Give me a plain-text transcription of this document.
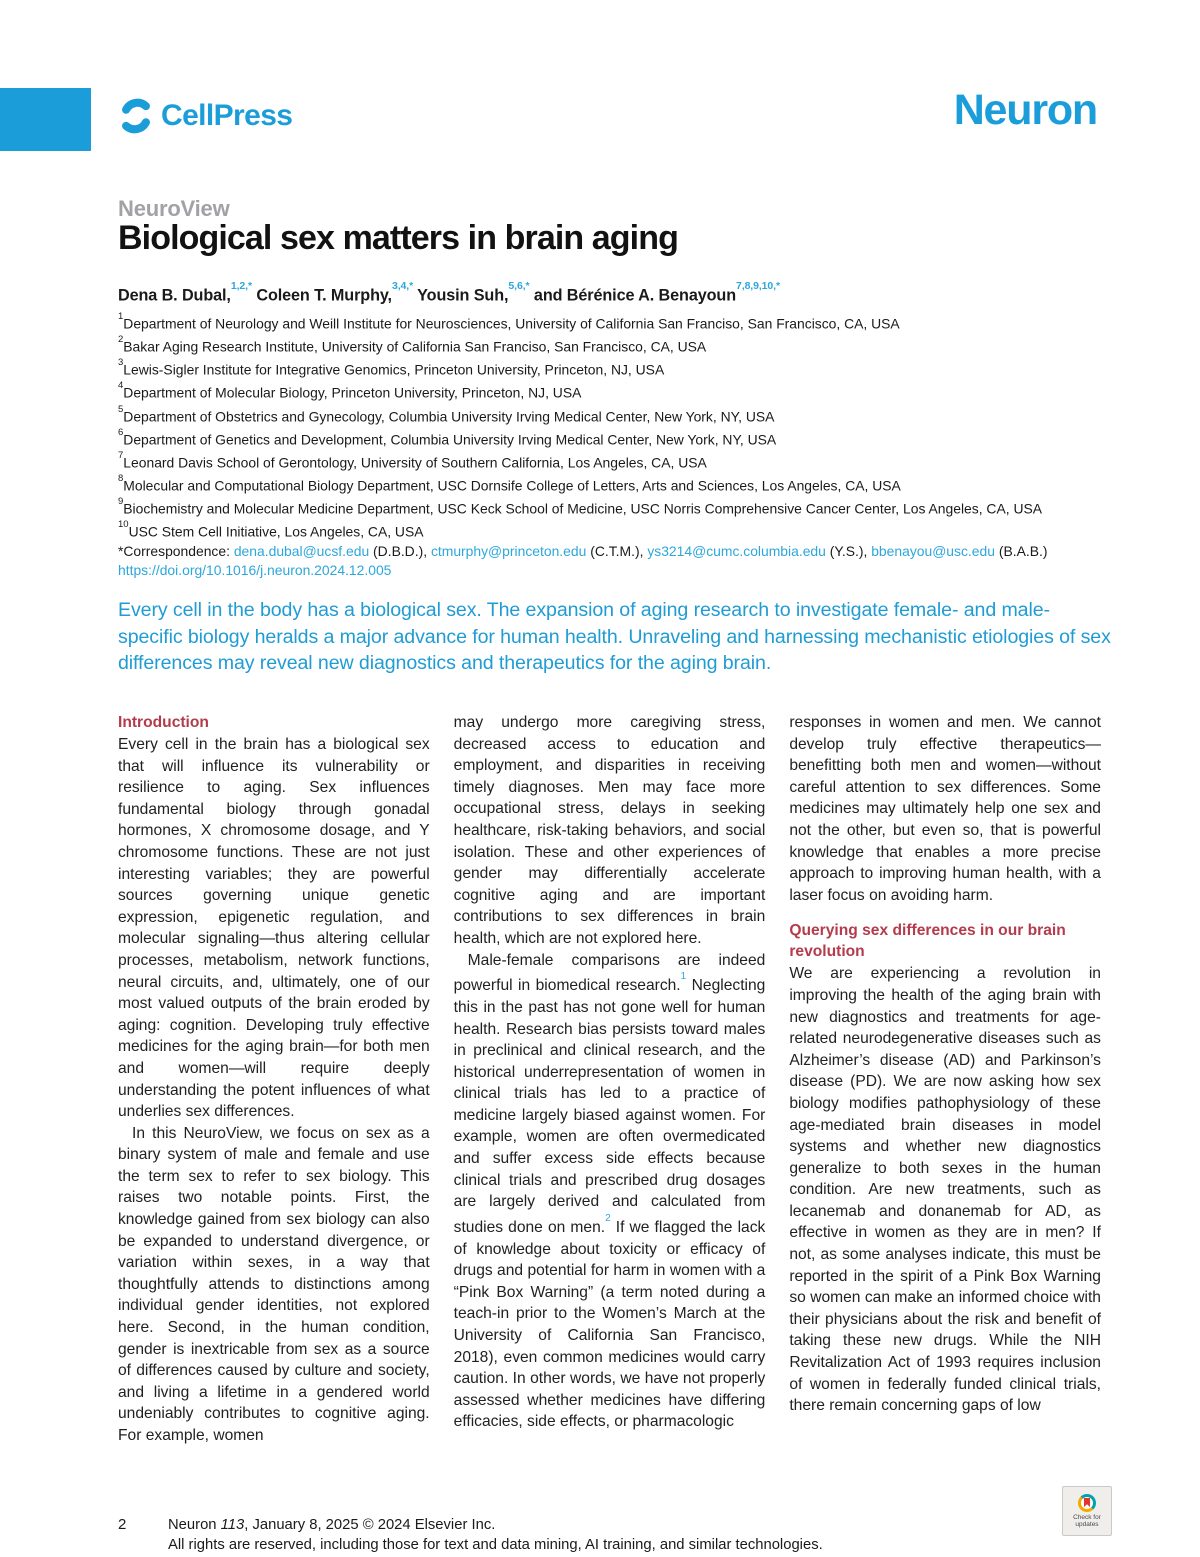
CellPress	Neuron
NeuroView
Biological sex matters in brain aging

Dena B. Dubal,$^{1,2,*}$ Coleen T. Murphy,$^{3,4,*}$ Yousin Suh,$^{5,6,*}$ and Bérénice A. Benayoun$^{7,8,9,10,*}$

$^1$Department of Neurology and Weill Institute for Neurosciences, University of California San Franciso, San Francisco, CA, USA
$^2$Bakar Aging Research Institute, University of California San Franciso, San Francisco, CA, USA
$^3$Lewis-Sigler Institute for Integrative Genomics, Princeton University, Princeton, NJ, USA
$^4$Department of Molecular Biology, Princeton University, Princeton, NJ, USA
$^5$Department of Obstetrics and Gynecology, Columbia University Irving Medical Center, New York, NY, USA
$^6$Department of Genetics and Development, Columbia University Irving Medical Center, New York, NY, USA
$^7$Leonard Davis School of Gerontology, University of Southern California, Los Angeles, CA, USA
$^8$Molecular and Computational Biology Department, USC Dornsife College of Letters, Arts and Sciences, Los Angeles, CA, USA
$^9$Biochemistry and Molecular Medicine Department, USC Keck School of Medicine, USC Norris Comprehensive Cancer Center, Los Angeles, CA, USA
$^{10}$USC Stem Cell Initiative, Los Angeles, CA, USA

*Correspondence: dena.dubal@ucsf.edu (D.B.D.), ctmurphy@princeton.edu (C.T.M.), ys3214@cumc.columbia.edu (Y.S.), bbenayou@usc.edu (B.A.B.)

https://doi.org/10.1016/j.neuron.2024.12.005

Every cell in the body has a biological sex. The expansion of aging research to investigate female- and male-specific biology heralds a major advance for human health. Unraveling and harnessing mechanistic etiologies of sex differences may reveal new diagnostics and therapeutics for the aging brain.

Introduction

Every cell in the brain has a biological sex that will influence its vulnerability or resilience to aging. Sex influences fundamental biology through gonadal hormones, X chromosome dosage, and Y chromosome functions. These are not just interesting variables; they are powerful sources governing unique genetic expression, epigenetic regulation, and molecular signaling—thus altering cellular processes, metabolism, network functions, neural circuits, and, ultimately, one of our most valued outputs of the brain eroded by aging: cognition. Developing truly effective medicines for the aging brain—for both men and women—will require deeply understanding the potent influences of what underlies sex differences.

In this NeuroView, we focus on sex as a binary system of male and female and use the term sex to refer to sex biology. This raises two notable points. First, the knowledge gained from sex biology can also be expanded to understand divergence, or variation within sexes, in a way that thoughtfully attends to distinctions among individual gender identities, not explored here. Second, in the human condition, gender is inextricable from sex as a source of differences caused by culture and society, and living a lifetime in a gendered world undeniably contributes to cognitive aging. For example, women

may undergo more caregiving stress, decreased access to education and employment, and disparities in receiving timely diagnoses. Men may face more occupational stress, delays in seeking healthcare, risk-taking behaviors, and social isolation. These and other experiences of gender may differentially accelerate cognitive aging and are important contributions to sex differences in brain health, which are not explored here.

Male-female comparisons are indeed powerful in biomedical research.$^1$ Neglecting this in the past has not gone well for human health. Research bias persists toward males in preclinical and clinical research, and the historical underrepresentation of women in clinical trials has led to a practice of medicine largely biased against women. For example, women are often overmedicated and suffer excess side effects because clinical trials and prescribed drug dosages are largely derived and calculated from studies done on men.$^2$ If we flagged the lack of knowledge about toxicity or efficacy of drugs and potential for harm in women with a “Pink Box Warning” (a term noted during a teach-in prior to the Women’s March at the University of California San Francisco, 2018), even common medicines would carry caution. In other words, we have not properly assessed whether medicines have differing efficacies, side effects, or pharmacologic

responses in women and men. We cannot develop truly effective therapeutics—benefitting both men and women—without careful attention to sex differences. Some medicines may ultimately help one sex and not the other, but even so, that is powerful knowledge that enables a more precise approach to improving human health, with a laser focus on avoiding harm.

Querying sex differences in our brain revolution

We are experiencing a revolution in improving the health of the aging brain with new diagnostics and treatments for age-related neurodegenerative diseases such as Alzheimer’s disease (AD) and Parkinson’s disease (PD). We are now asking how sex biology modifies pathophysiology of these age-mediated brain diseases in model systems and whether new diagnostics generalize to both sexes in the human condition. Are new treatments, such as lecanemab and donanemab for AD, as effective in women as they are in men? If not, as some analyses indicate, this must be reported in the spirit of a Pink Box Warning so women can make an informed choice with their physicians about the risk and benefit of taking these new drugs. While the NIH Revitalization Act of 1993 requires inclusion of women in federally funded clinical trials, there remain concerning gaps of low

2	Neuron 113, January 8, 2025 © 2024 Elsevier Inc.
All rights are reserved, including those for text and data mining, AI training, and similar technologies.
Check for
updates
